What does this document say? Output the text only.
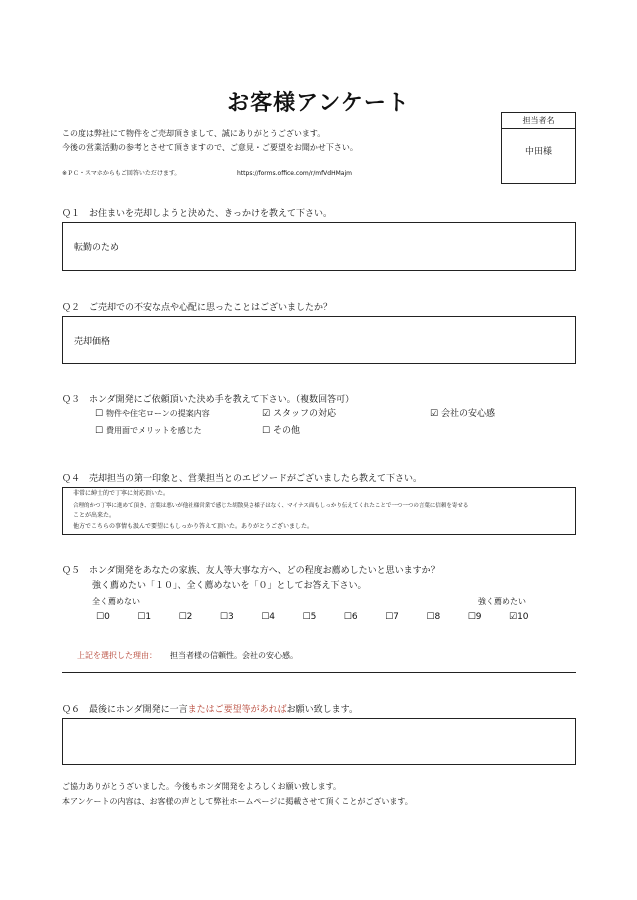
お客様アンケート
担当者名
中田様
この度は弊社にて物件をご売却頂きまして、誠にありがとうございます。
今後の営業活動の参考とさせて頂きますので、ご意見・ご要望をお聞かせ下さい。
※ＰＣ・スマホからもご回答いただけます。	https://forms.office.com/r/mfVdHMajm
Ｑ１　お住まいを売却しようと決めた、きっかけを教えて下さい。
転勤のため
Ｑ２　ご売却での不安な点や心配に思ったことはございましたか？
売却価格
Ｑ３　ホンダ開発にご依頼頂いた決め手を教えて下さい。（複数回答可）
☐ 物件や住宅ローンの提案内容	☑ スタッフの対応	☑ 会社の安心感
☐ 費用面でメリットを感じた	☐ その他
Ｑ４　売却担当の第一印象と、営業担当とのエピソードがございましたら教えて下さい。
非常に紳士的で丁寧に対応頂いた。
合理的かつ丁寧に進めて頂き、言葉は悪いが他社様営業で感じた胡散臭さ様子はなく、マイナス面もしっかり伝えてくれたことで一つ一つの言葉に信頼を寄せる
ことが出来た。
他方でこちらの事情も汲んで要望にもしっかり答えて頂いた。ありがとうございました。
Ｑ５　ホンダ開発をあなたの家族、友人等大事な方へ、どの程度お薦めしたいと思いますか？
強く薦めたい「１０」、全く薦めないを「０」としてお答え下さい。
全く薦めない	強く薦めたい
☐0	☐1	☐2	☐3	☐4	☐5	☐6	☐7	☐8	☐9	☑10
上記を選択した理由： 担当者様の信頼性。会社の安心感。
Ｑ６　最後にホンダ開発に一言またはご要望等があればお願い致します。
ご協力ありがとうざいました。今後もホンダ開発をよろしくお願い致します。
本アンケートの内容は、お客様の声として弊社ホームページに掲載させて頂くことがございます。
